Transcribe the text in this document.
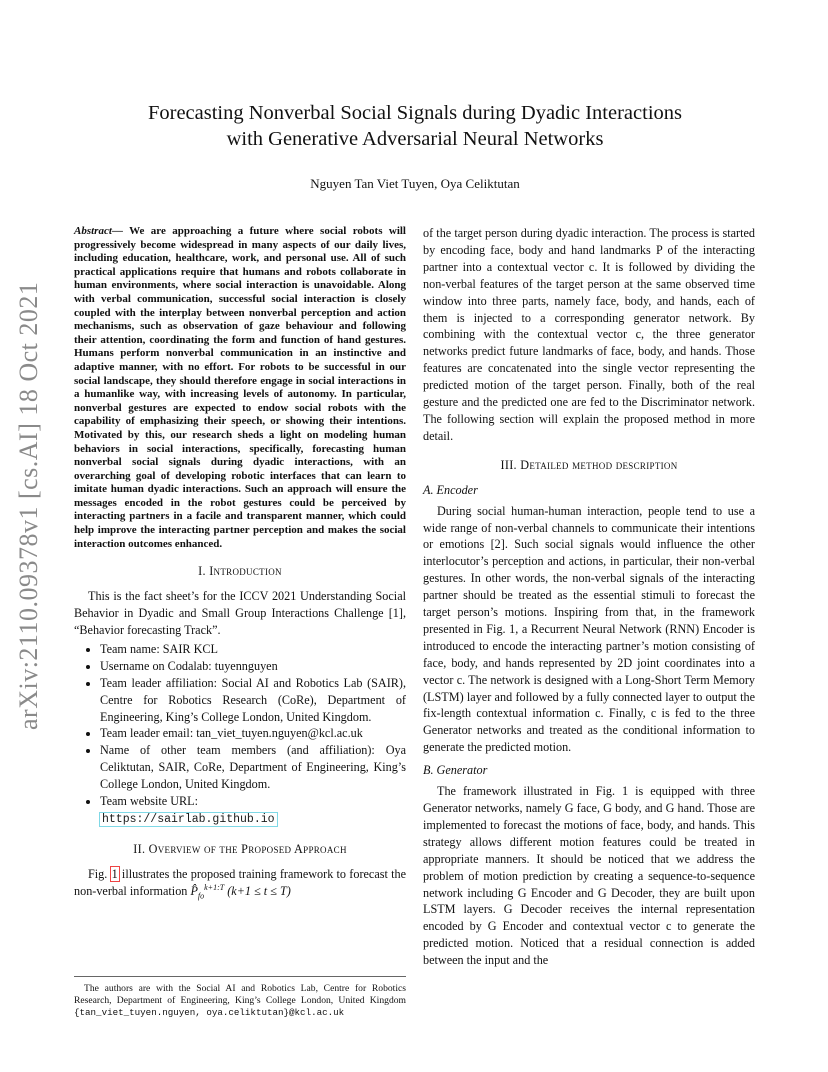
arXiv:2110.09378v1 [cs.AI] 18 Oct 2021
Forecasting Nonverbal Social Signals during Dyadic Interactions
with Generative Adversarial Neural Networks
Nguyen Tan Viet Tuyen, Oya Celiktutan

Abstract— We are approaching a future where social robots will progressively become widespread in many aspects of our daily lives, including education, healthcare, work, and personal use. All of such practical applications require that humans and robots collaborate in human environments, where social interaction is unavoidable. Along with verbal communication, successful social interaction is closely coupled with the interplay between nonverbal perception and action mechanisms, such as observation of gaze behaviour and following their attention, coordinating the form and function of hand gestures. Humans perform nonverbal communication in an instinctive and adaptive manner, with no effort. For robots to be successful in our social landscape, they should therefore engage in social interactions in a humanlike way, with increasing levels of autonomy. In particular, nonverbal gestures are expected to endow social robots with the capability of emphasizing their speech, or showing their intentions. Motivated by this, our research sheds a light on modeling human behaviors in social interactions, specifically, forecasting human nonverbal social signals during dyadic interactions, with an overarching goal of developing robotic interfaces that can learn to imitate human dyadic interactions. Such an approach will ensure the messages encoded in the robot gestures could be perceived by interacting partners in a facile and transparent manner, which could help improve the interacting partner perception and makes the social interaction outcomes enhanced.

I. Introduction

This is the fact sheet’s for the ICCV 2021 Understanding Social Behavior in Dyadic and Small Group Interactions Challenge [1], “Behavior forecasting Track”.

• Team name: SAIR KCL
• Username on Codalab: tuyennguyen
• Team leader affiliation: Social AI and Robotics Lab (SAIR), Centre for Robotics Research (CoRe), Department of Engineering, King’s College London, United Kingdom.
• Team leader email: tan_viet_tuyen.nguyen@kcl.ac.uk
• Name of other team members (and affiliation): Oya Celiktutan, SAIR, CoRe, Department of Engineering, King’s College London, United Kingdom.
• Team website URL:
https://sairlab.github.io
II. Overview of the Proposed Approach

Fig. 1 illustrates the proposed training framework to forecast the non-verbal information $P̂_{fo}^{k+1:T}$ (k+1 ≤ t ≤ T)

The authors are with the Social AI and Robotics Lab, Centre for Robotics Research, Department of Engineering, King’s College London, United Kingdom {tan_viet_tuyen.nguyen, oya.celiktutan}@kcl.ac.uk

of the target person during dyadic interaction. The process is started by encoding face, body and hand landmarks P of the interacting partner into a contextual vector c. It is followed by dividing the non-verbal features of the target person at the same observed time window into three parts, namely face, body, and hands, each of them is injected to a corresponding generator network. By combining with the contextual vector c, the three generator networks predict future landmarks of face, body, and hands. Those features are concatenated into the single vector representing the predicted motion of the target person. Finally, both of the real gesture and the predicted one are fed to the Discriminator network. The following section will explain the proposed method in more detail.

III. Detailed method description
A. Encoder

During social human-human interaction, people tend to use a wide range of non-verbal channels to communicate their intentions or emotions [2]. Such social signals would influence the other interlocutor’s perception and actions, in particular, their non-verbal gestures. In other words, the non-verbal signals of the interacting partner should be treated as the essential stimuli to forecast the target person’s motions. Inspiring from that, in the framework presented in Fig. 1, a Recurrent Neural Network (RNN) Encoder is introduced to encode the interacting partner’s motion consisting of face, body, and hands represented by 2D joint coordinates into a vector c. The network is designed with a Long-Short Term Memory (LSTM) layer and followed by a fully connected layer to output the fix-length contextual information c. Finally, c is fed to the three Generator networks and treated as the conditional information to generate the predicted motion.

B. Generator

The framework illustrated in Fig. 1 is equipped with three Generator networks, namely G face, G body, and G hand. Those are implemented to forecast the motions of face, body, and hands. This strategy allows different motion features could be treated in appropriate manners. It should be noticed that we address the problem of motion prediction by creating a sequence-to-sequence network including G Encoder and G Decoder, they are built upon LSTM layers. G Decoder receives the internal representation encoded by G Encoder and contextual vector c to generate the predicted motion. Noticed that a residual connection is added between the input and the
